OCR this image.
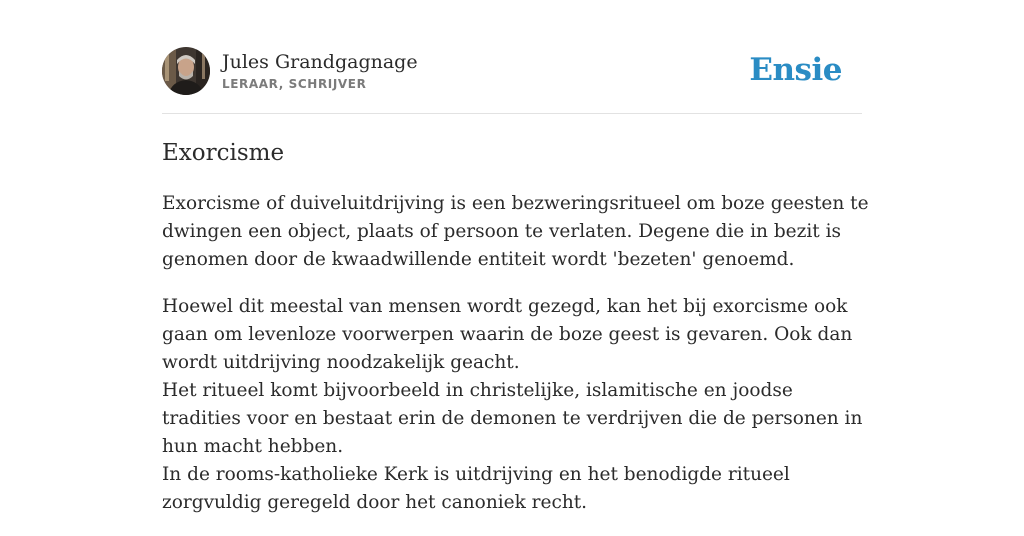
Jules Grandgagnage
LERAAR, SCHRIJVER	Ensie
Exorcisme

Exorcisme of duiveluitdrijving is een bezweringsritueel om boze geesten te dwingen een object, plaats of persoon te verlaten. Degene die in bezit is genomen door de kwaadwillende entiteit wordt 'bezeten' genoemd.

Hoewel dit meestal van mensen wordt gezegd, kan het bij exorcisme ook gaan om levenloze voorwerpen waarin de boze geest is gevaren. Ook dan wordt uitdrijving noodzakelijk geacht.
Het ritueel komt bijvoorbeeld in christelijke, islamitische en joodse tradities voor en bestaat erin de demonen te verdrijven die de personen in hun macht hebben.
In de rooms-katholieke Kerk is uitdrijving en het benodigde ritueel zorgvuldig geregeld door het canoniek recht.
